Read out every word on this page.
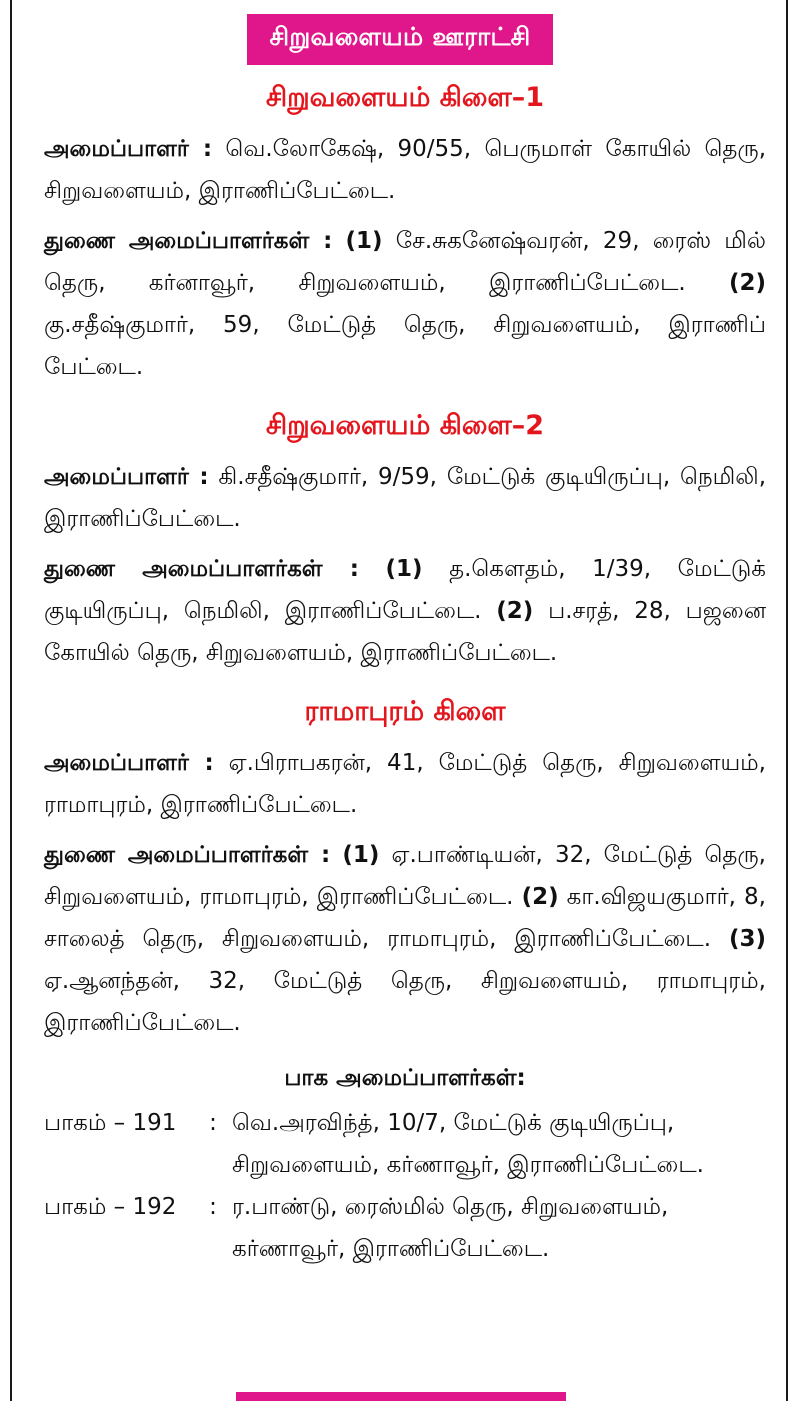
சிறுவளையம் ஊராட்சி
சிறுவளையம் கிளை–1

அமைப்பாளர் : வெ.லோகேஷ், 90/55, பெருமாள் கோயில் தெரு, சிறுவளையம், இராணிப்பேட்டை.

துணை அமைப்பாளர்கள் : (1) சே.சுகனேஷ்வரன், 29, ரைஸ் மில் தெரு, கர்னாவூர், சிறுவளையம், இராணிப்பேட்டை. (2) கு.சதீஷ்குமார், 59, மேட்டுத் தெரு, சிறுவளையம், இராணிப் பேட்டை.

சிறுவளையம் கிளை–2

அமைப்பாளர் : கி.சதீஷ்குமார், 9/59, மேட்டுக் குடியிருப்பு, நெமிலி, இராணிப்பேட்டை.

துணை அமைப்பாளர்கள் : (1) த.கௌதம், 1/39, மேட்டுக் குடியிருப்பு, நெமிலி, இராணிப்பேட்டை. (2) ப.சரத், 28, பஜனை கோயில் தெரு, சிறுவளையம், இராணிப்பேட்டை.

ராமாபுரம் கிளை

அமைப்பாளர் : ஏ.பிராபகரன், 41, மேட்டுத் தெரு, சிறுவளையம், ராமாபுரம், இராணிப்பேட்டை.

துணை அமைப்பாளர்கள் : (1) ஏ.பாண்டியன், 32, மேட்டுத் தெரு, சிறுவளையம், ராமாபுரம், இராணிப்பேட்டை. (2) கா.விஜயகுமார், 8, சாலைத் தெரு, சிறுவளையம், ராமாபுரம், இராணிப்பேட்டை. (3) ஏ.ஆனந்தன், 32, மேட்டுத் தெரு, சிறுவளையம், ராமாபுரம், இராணிப்பேட்டை.

பாக அமைப்பாளர்கள்:
பாகம் – 191	: வெ.அரவிந்த், 10/7, மேட்டுக் குடியிருப்பு, சிறுவளையம், கர்ணாவூர், இராணிப்பேட்டை.
பாகம் – 192	: ர.பாண்டு, ரைஸ்மில் தெரு, சிறுவளையம், கர்ணாவூர், இராணிப்பேட்டை.
